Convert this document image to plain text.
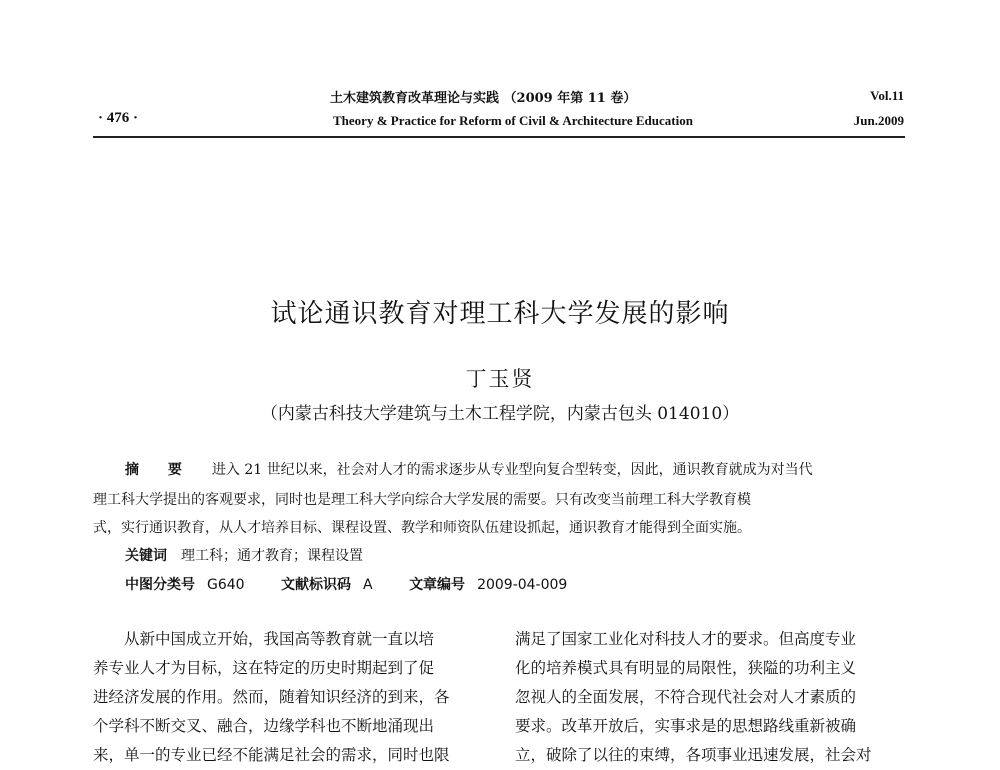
土木建筑教育改革理论与实践 （2009 年第 11 卷）
Theory & Practice for Reform of Civil & Architecture Education
· 476 ·
Vol.11
Jun.2009
试论通识教育对理工科大学发展的影响
丁玉贤
（内蒙古科技大学建筑与土木工程学院，内蒙古包头 014010）
摘 要 进入 21 世纪以来，社会对人才的需求逐步从专业型向复合型转变，因此，通识教育就成为对当代
理工科大学提出的客观要求，同时也是理工科大学向综合大学发展的需要。只有改变当前理工科大学教育模
式，实行通识教育，从人才培养目标、课程设置、教学和师资队伍建设抓起，通识教育才能得到全面实施。
关键词 理工科；通才教育；课程设置
中图分类号 G640	文献标识码 A	文章编号 2009-04-009
　　从新中国成立开始，我国高等教育就一直以培
养专业人才为目标，这在特定的历史时期起到了促
进经济发展的作用。然而，随着知识经济的到来，各
个学科不断交叉、融合，边缘学科也不断地涌现出
来，单一的专业已经不能满足社会的需求，同时也限
满足了国家工业化对科技人才的要求。但高度专业
化的培养模式具有明显的局限性，狭隘的功利主义
忽视人的全面发展，不符合现代社会对人才素质的
要求。改革开放后，实事求是的思想路线重新被确
立，破除了以往的束缚，各项事业迅速发展，社会对
